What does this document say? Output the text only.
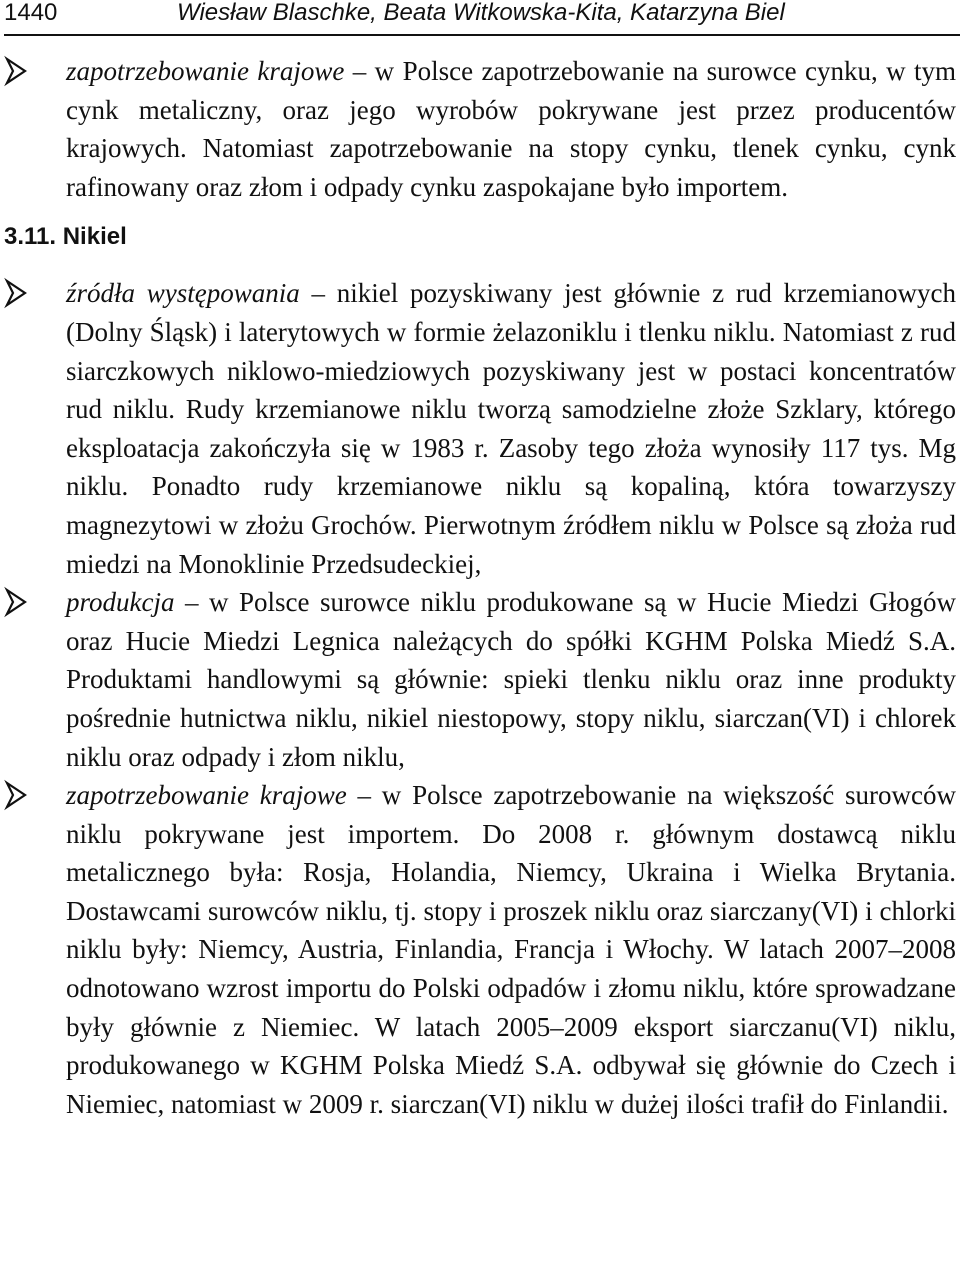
1440	Wiesław Blaschke, Beata Witkowska-Kita, Katarzyna Biel
zapotrzebowanie krajowe – w Polsce zapotrzebowanie na surowce cynku, w tym cynk metaliczny, oraz jego wyrobów pokrywane jest przez producentów krajowych. Natomiast zapotrzebowanie na stopy cynku, tlenek cynku, cynk rafinowany oraz złom i odpady cynku zaspokajane było importem.
3.11. Nikiel
źródła występowania – nikiel pozyskiwany jest głównie z rud krzemianowych (Dolny Śląsk) i laterytowych w formie żelazoniklu i tlenku niklu. Natomiast z rud siarczkowych niklowo-miedziowych pozyskiwany jest w postaci koncentratów rud niklu. Rudy krzemianowe niklu tworzą samodzielne złoże Szklary, którego eksploatacja zakończyła się w 1983 r. Zasoby tego złoża wynosiły 117 tys. Mg niklu. Ponadto rudy krzemianowe niklu są kopaliną, która towarzyszy magnezytowi w złożu Grochów. Pierwotnym źródłem niklu w Polsce są złoża rud miedzi na Monoklinie Przedsudeckiej,
produkcja – w Polsce surowce niklu produkowane są w Hucie Miedzi Głogów oraz Hucie Miedzi Legnica należących do spółki KGHM Polska Miedź S.A. Produktami handlowymi są głównie: spieki tlenku niklu oraz inne produkty pośrednie hutnictwa niklu, nikiel niestopowy, stopy niklu, siarczan(VI) i chlorek niklu oraz odpady i złom niklu,
zapotrzebowanie krajowe – w Polsce zapotrzebowanie na większość surowców niklu pokrywane jest importem. Do 2008 r. głównym dostawcą niklu metalicznego była: Rosja, Holandia, Niemcy, Ukraina i Wielka Brytania. Dostawcami surowców niklu, tj. stopy i proszek niklu oraz siarczany(VI) i chlorki niklu były: Niemcy, Austria, Finlandia, Francja i Włochy. W latach 2007–2008 odnotowano wzrost importu do Polski odpadów i złomu niklu, które sprowadzane były głównie z Niemiec. W latach 2005–2009 eksport siarczanu(VI) niklu, produkowanego w KGHM Polska Miedź S.A. odbywał się głównie do Czech i Niemiec, natomiast w 2009 r. siarczan(VI) niklu w dużej ilości trafił do Finlandii.
